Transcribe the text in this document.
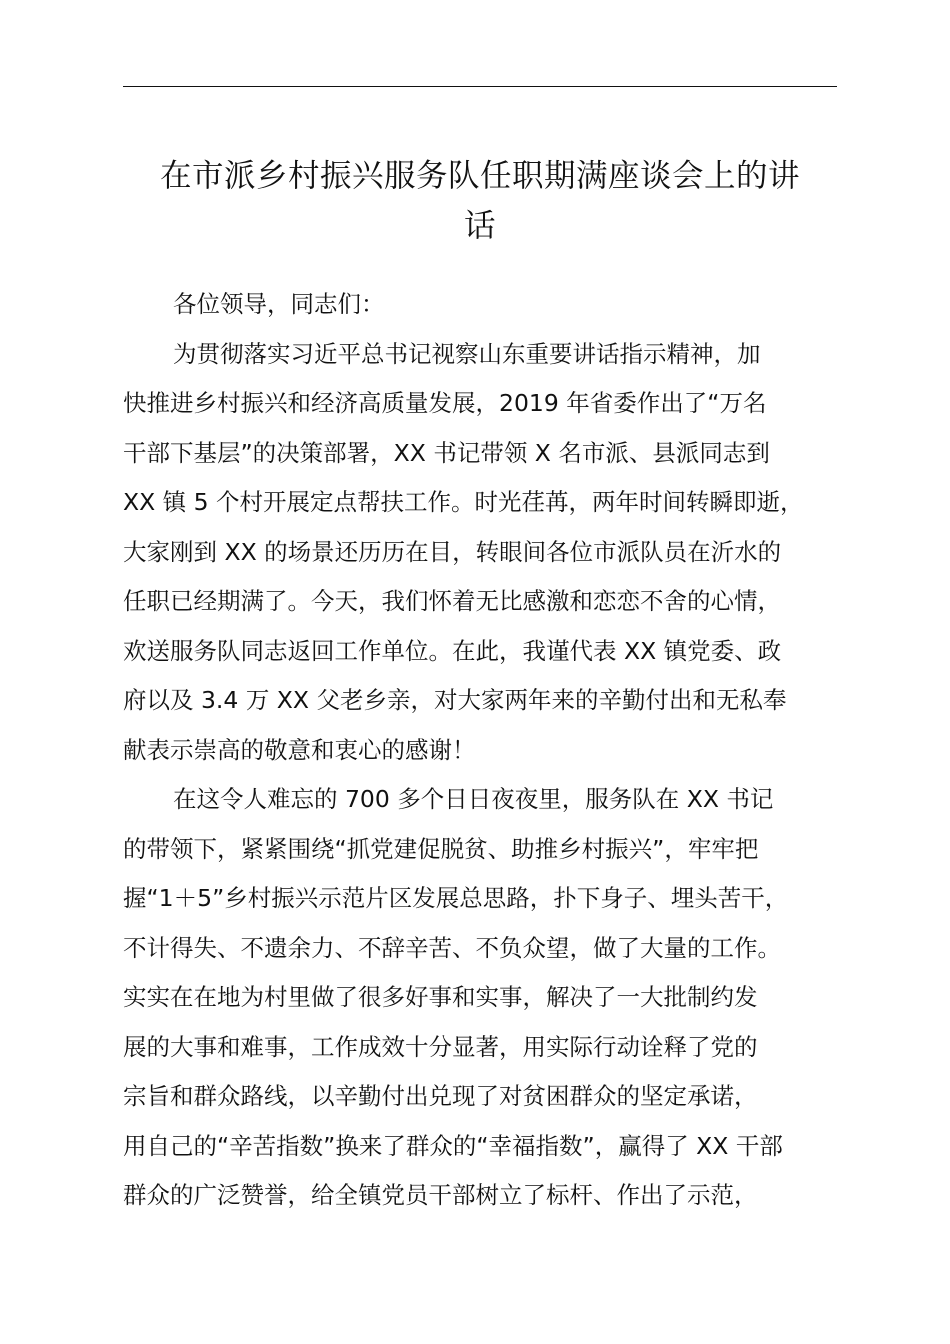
在市派乡村振兴服务队任职期满座谈会上的讲
话
各位领导，同志们：
为贯彻落实习近平总书记视察山东重要讲话指示精神，加
快推进乡村振兴和经济高质量发展，2019 年省委作出了“万名
干部下基层”的决策部署，XX 书记带领 X 名市派、县派同志到
XX 镇 5 个村开展定点帮扶工作。时光荏苒，两年时间转瞬即逝，
大家刚到 XX 的场景还历历在目，转眼间各位市派队员在沂水的
任职已经期满了。今天，我们怀着无比感激和恋恋不舍的心情，
欢送服务队同志返回工作单位。在此，我谨代表 XX 镇党委、政
府以及 3.4 万 XX 父老乡亲，对大家两年来的辛勤付出和无私奉
献表示崇高的敬意和衷心的感谢！
在这令人难忘的 700 多个日日夜夜里，服务队在 XX 书记
的带领下，紧紧围绕“抓党建促脱贫、助推乡村振兴”，牢牢把
握“1＋5”乡村振兴示范片区发展总思路，扑下身子、埋头苦干，
不计得失、不遗余力、不辞辛苦、不负众望，做了大量的工作。
实实在在地为村里做了很多好事和实事，解决了一大批制约发
展的大事和难事，工作成效十分显著，用实际行动诠释了党的
宗旨和群众路线，以辛勤付出兑现了对贫困群众的坚定承诺，
用自己的“辛苦指数”换来了群众的“幸福指数”，赢得了 XX 干部
群众的广泛赞誉，给全镇党员干部树立了标杆、作出了示范，
